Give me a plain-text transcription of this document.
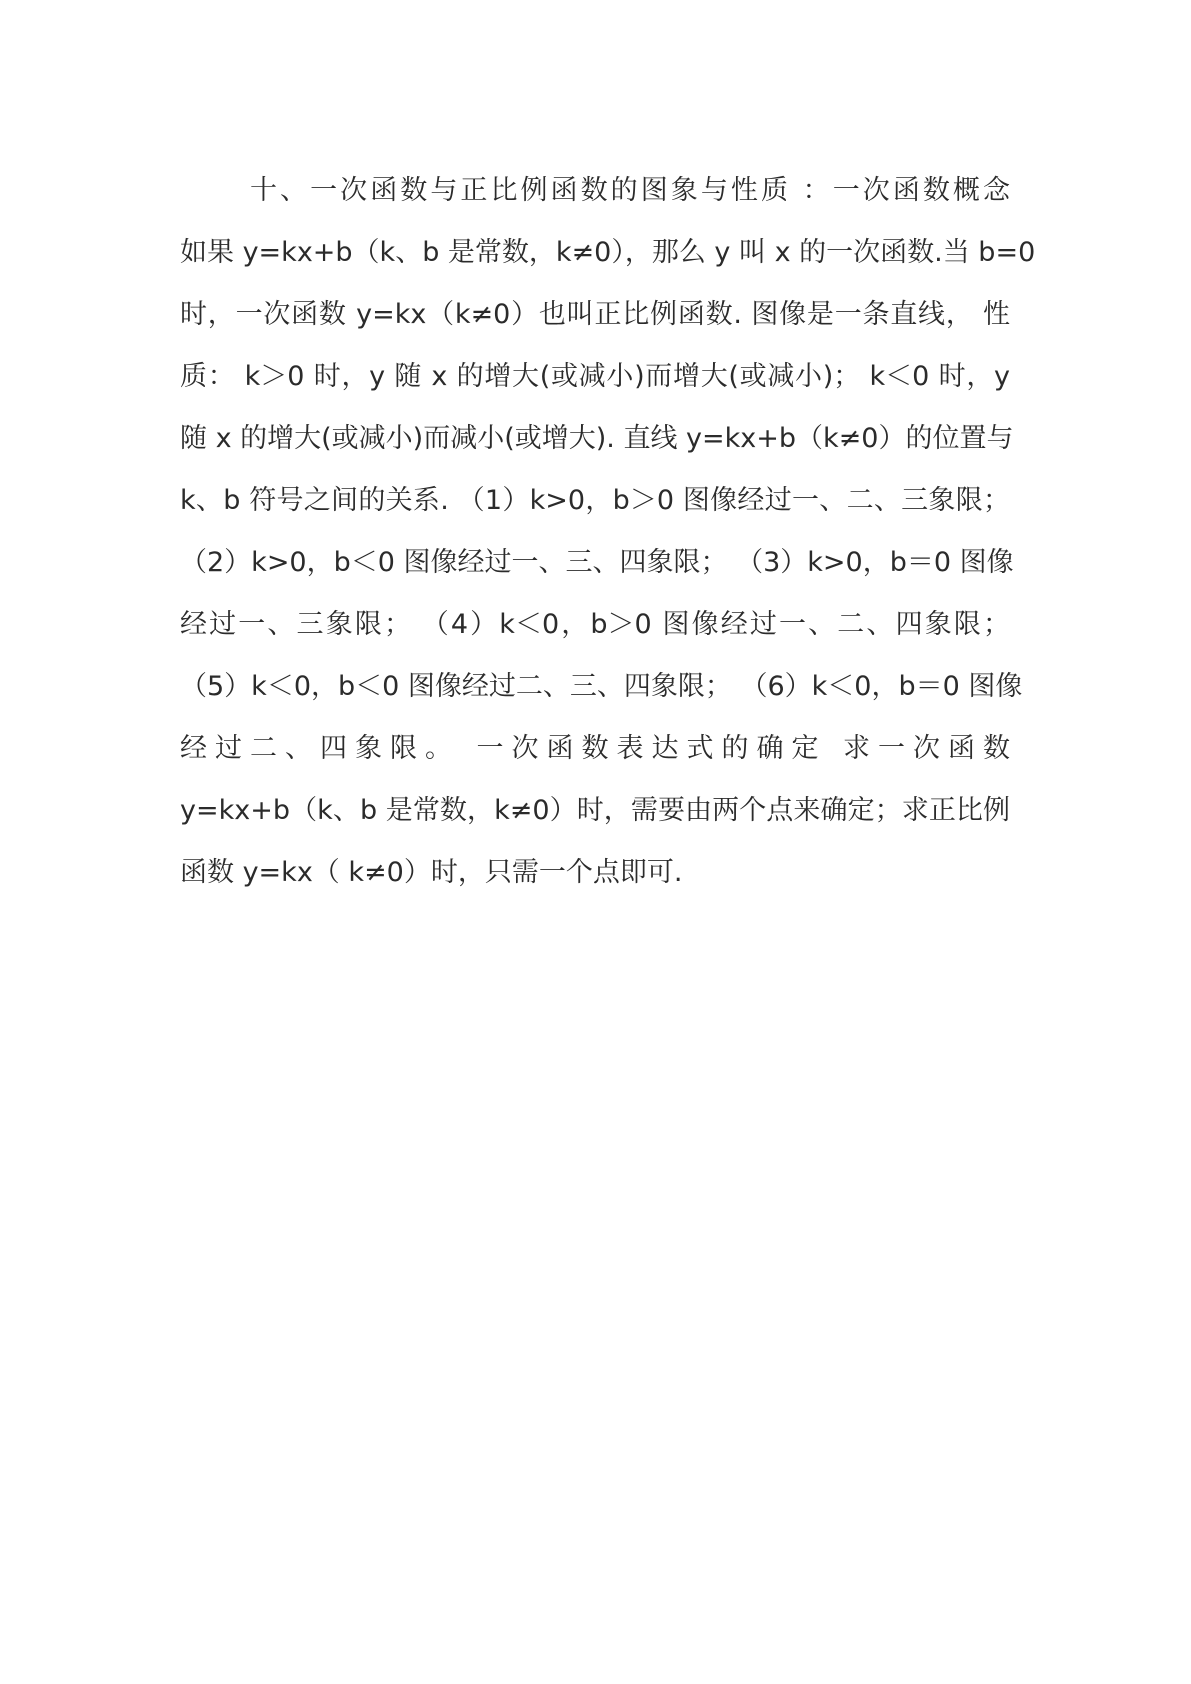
十、一次函数与正比例函数的图象与性质 ：一次函数概念
如果 y=kx+b（k、b 是常数，k≠0），那么 y 叫 x 的一次函数.当 b=0
时，一次函数 y=kx（k≠0）也叫正比例函数. 图像是一条直线， 性
质： k＞0 时，y 随 x 的增大(或减小)而增大(或减小)； k＜0 时，y
随 x 的增大(或减小)而减小(或增大). 直线 y=kx+b（k≠0）的位置与
k、b 符号之间的关系. （1）k>0，b＞0 图像经过一、二、三象限；
（2）k>0，b＜0 图像经过一、三、四象限； （3）k>0，b＝0 图像
经过一、三象限； （4）k＜0，b＞0 图像经过一、二、四象限；
（5）k＜0，b＜0 图像经过二、三、四象限； （6）k＜0，b＝0 图像
经过二、四象限。 一次函数表达式的确定 求一次函数
y=kx+b（k、b 是常数，k≠0）时，需要由两个点来确定；求正比例
函数 y=kx（ k≠0）时，只需一个点即可.
